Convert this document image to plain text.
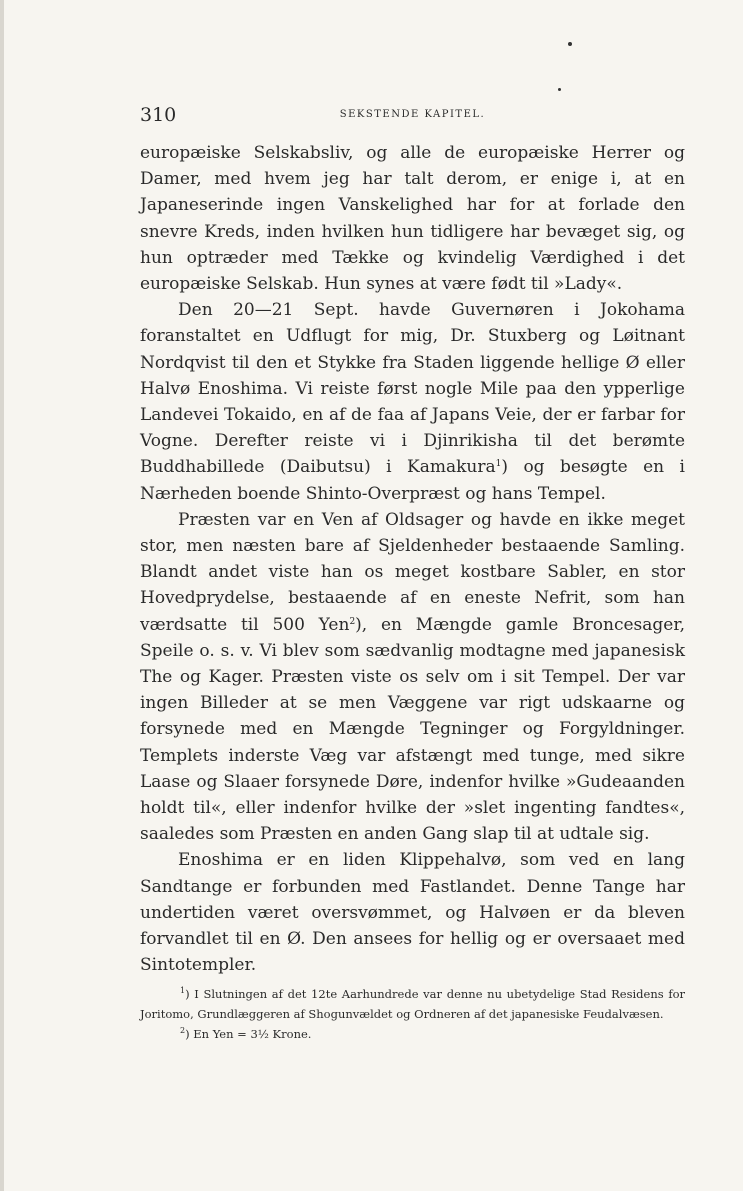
310	SEKSTENDE KAPITEL.

europæiske Selskabsliv, og alle de europæiske Herrer og Damer, med hvem jeg har talt derom, er enige i, at en Japaneserinde ingen Vanskelighed har for at forlade den snevre Kreds, inden hvilken hun tidligere har bevæget sig, og hun optræder med Tække og kvindelig Værdighed i det europæiske Selskab. Hun synes at være født til »Lady«.

Den 20—21 Sept. havde Guvernøren i Jokohama foranstaltet en Udflugt for mig, Dr. Stuxberg og Løitnant Nordqvist til den et Stykke fra Staden liggende hellige Ø eller Halvø Enoshima. Vi reiste først nogle Mile paa den ypperlige Landevei Tokaido, en af de faa af Japans Veie, der er farbar for Vogne. Derefter reiste vi i Djinrikisha til det berømte Buddhabillede (Daibutsu) i Kamakura$^1$) og besøgte en i Nærheden boende Shinto-Overpræst og hans Tempel.

Præsten var en Ven af Oldsager og havde en ikke meget stor, men næsten bare af Sjeldenheder bestaaende Samling. Blandt andet viste han os meget kostbare Sabler, en stor Hovedprydelse, bestaaende af en eneste Nefrit, som han værdsatte til 500 Yen$^2$), en Mængde gamle Broncesager, Speile o. s. v. Vi blev som sædvanlig modtagne med japanesisk The og Kager. Præsten viste os selv om i sit Tempel. Der var ingen Billeder at se men Væggene var rigt udskaarne og forsynede med en Mængde Tegninger og Forgyldninger. Templets inderste Væg var afstængt med tunge, med sikre Laase og Slaaer forsynede Døre, indenfor hvilke »Gudeaanden holdt til«, eller indenfor hvilke der »slet ingenting fandtes«, saaledes som Præsten en anden Gang slap til at udtale sig.

Enoshima er en liden Klippehalvø, som ved en lang Sandtange er forbunden med Fastlandet. Denne Tange har undertiden været oversvømmet, og Halvøen er da bleven forvandlet til en Ø. Den ansees for hellig og er oversaaet med Sintotempler.

$^1$) I Slutningen af det 12te Aarhundrede var denne nu ubetydelige Stad Residens for Joritomo, Grundlæggeren af Shogunvældet og Ordneren af det japanesiske Feudalvæsen.

$^2$) En Yen = 3½ Krone.
